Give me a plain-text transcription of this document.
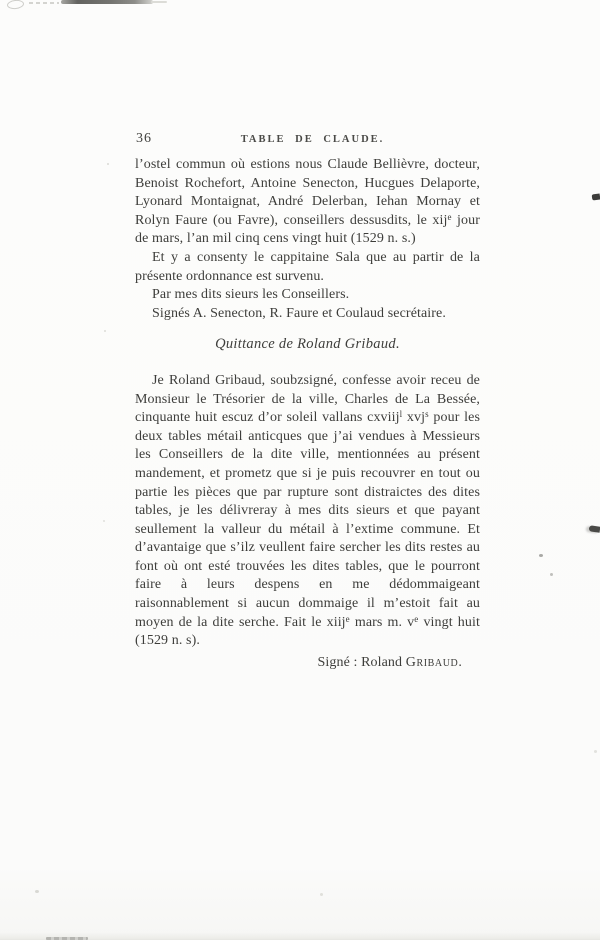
36	TABLE DE CLAUDE.

l’ostel commun où estions nous Claude Bellièvre, docteur, Benoist Rochefort, Antoine Senecton, Hucgues Delaporte, Lyonard Montaignat, André Delerban, Iehan Mornay et Rolyn Faure (ou Favre), conseillers dessusdits, le xij$^e$ jour de mars, l’an mil cinq cens vingt huit (1529 n. s.)

Et y a consenty le cappitaine Sala que au partir de la présente ordonnance est survenu.

Par mes dits sieurs les Conseillers.

Signés A. Senecton, R. Faure et Coulaud secrétaire.

Quittance de Roland Gribaud.

Je Roland Gribaud, soubzsigné, confesse avoir receu de Monsieur le Trésorier de la ville, Charles de La Bessée, cinquante huit escuz d’or soleil vallans cxviij$^l$ xvj$^s$ pour les deux tables métail anticques que j’ai vendues à Messieurs les Conseillers de la dite ville, mentionnées au présent mandement, et prometz que si je puis recouvrer en tout ou partie les pièces que par rupture sont distraictes des dites tables, je les délivreray à mes dits sieurs et que payant seullement la valleur du métail à l’extime commune. Et d’avantaige que s’ilz veullent faire sercher les dits restes au font où ont esté trouvées les dites tables, que le pourront faire à leurs despens en me dédommaigeant raisonnablement si aucun dommaige il m’estoit fait au moyen de la dite serche. Fait le xiij$^e$ mars m. $v^e$ vingt huit (1529 n. s).

Signé : Roland Gribaud.
